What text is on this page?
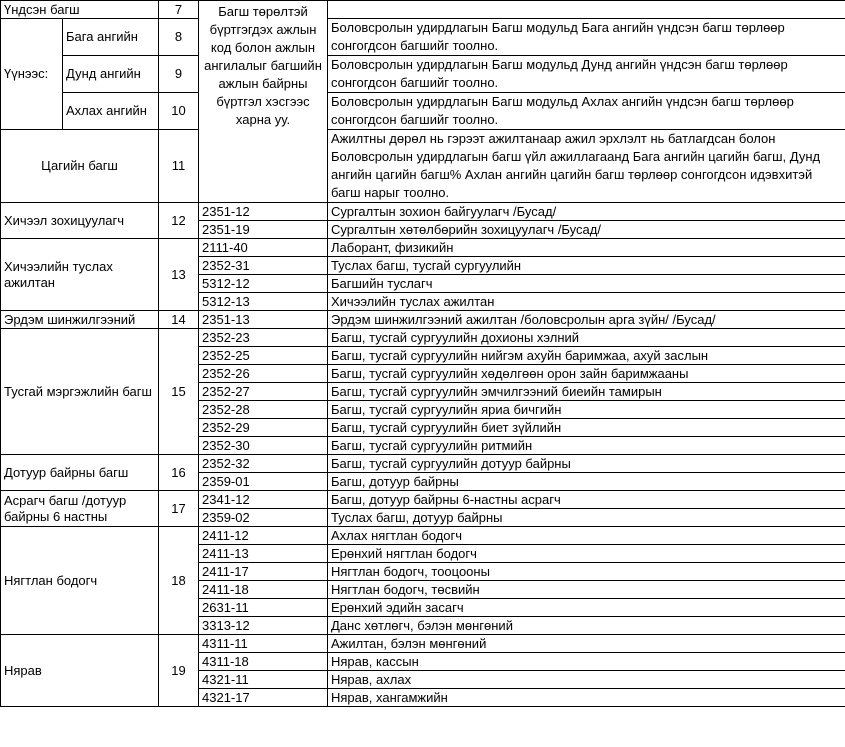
Үндсэн багш		7	Багш төрөлтэй бүртгэгдэх ажлын код болон ажлын ангилалыг багшийн ажлын байрны бүртгэл хэсгээс харна уу.	
Үүнээс:	Бага ангийн	8		Боловсролын удирдлагын Багш модульд Бага ангийн үндсэн багш төрлөөр сонгогдсон багшийг тоолно.
	Дунд ангийн	9		Боловсролын удирдлагын Багш модульд Дунд ангийн үндсэн багш төрлөөр сонгогдсон багшийг тоолно.
	Ахлах ангийн	10		Боловсролын удирдлагын Багш модульд Ахлах ангийн үндсэн багш төрлөөр сонгогдсон багшийг тоолно.
Цагийн багш		11		Ажилтны дөрөл нь гэрээт ажилтанаар ажил эрхлэлт нь батлагдсан болон Боловсролын удирдлагын багш үйл ажиллагаанд Бага ангийн цагийн багш, Дунд ангийн цагийн багш% Ахлан ангийн цагийн багш төрлөөр сонгогдсон идэвхитэй багш нарыг тоолно.
Хичээл зохицуулагч		12	2351-12	Сургалтын зохион байгуулагч /Бусад/
			2351-19	Сургалтын хөтөлбөрийн зохицуулагч /Бусад/
Хичээлийн туслах ажилтан		13	2111-40	Лаборант, физикийн
			2352-31	Туслах багш, тусгай сургуулийн
			5312-12	Багшийн туслагч
			5312-13	Хичээлийн туслах ажилтан
Эрдэм шинжилгээний		14	2351-13	Эрдэм шинжилгээний ажилтан /боловсролын арга зүйн/ /Бусад/
Тусгай мэргэжлийн багш		15	2352-23	Багш, тусгай сургуулийн дохионы хэлний
			2352-25	Багш, тусгай сургуулийн нийгэм ахуйн баримжаа, ахуй заслын
			2352-26	Багш, тусгай сургуулийн хөдөлгөөн орон зайн баримжааны
			2352-27	Багш, тусгай сургуулийн эмчилгээний биеийн тамирын
			2352-28	Багш, тусгай сургуулийн яриа бичгийн
			2352-29	Багш, тусгай сургуулийн биет зүйлийн
			2352-30	Багш, тусгай сургуулийн ритмийн
Дотуур байрны багш		16	2352-32	Багш, тусгай сургуулийн дотуур байрны
			2359-01	Багш, дотуур байрны
Асрагч багш /дотуур байрны 6 настны		17	2341-12	Багш, дотуур байрны 6-настны асрагч
			2359-02	Туслах багш, дотуур байрны
Нягтлан бодогч		18	2411-12	Ахлах нягтлан бодогч
			2411-13	Ерөнхий нягтлан бодогч
			2411-17	Нягтлан бодогч, тооцооны
			2411-18	Нягтлан бодогч, төсвийн
			2631-11	Ерөнхий эдийн засагч
			3313-12	Данс хөтлөгч, бэлэн мөнгөний
Нярав		19	4311-11	Ажилтан, бэлэн мөнгөний
			4311-18	Нярав, кассын
			4321-11	Нярав, ахлах
			4321-17	Нярав, хангамжийн
